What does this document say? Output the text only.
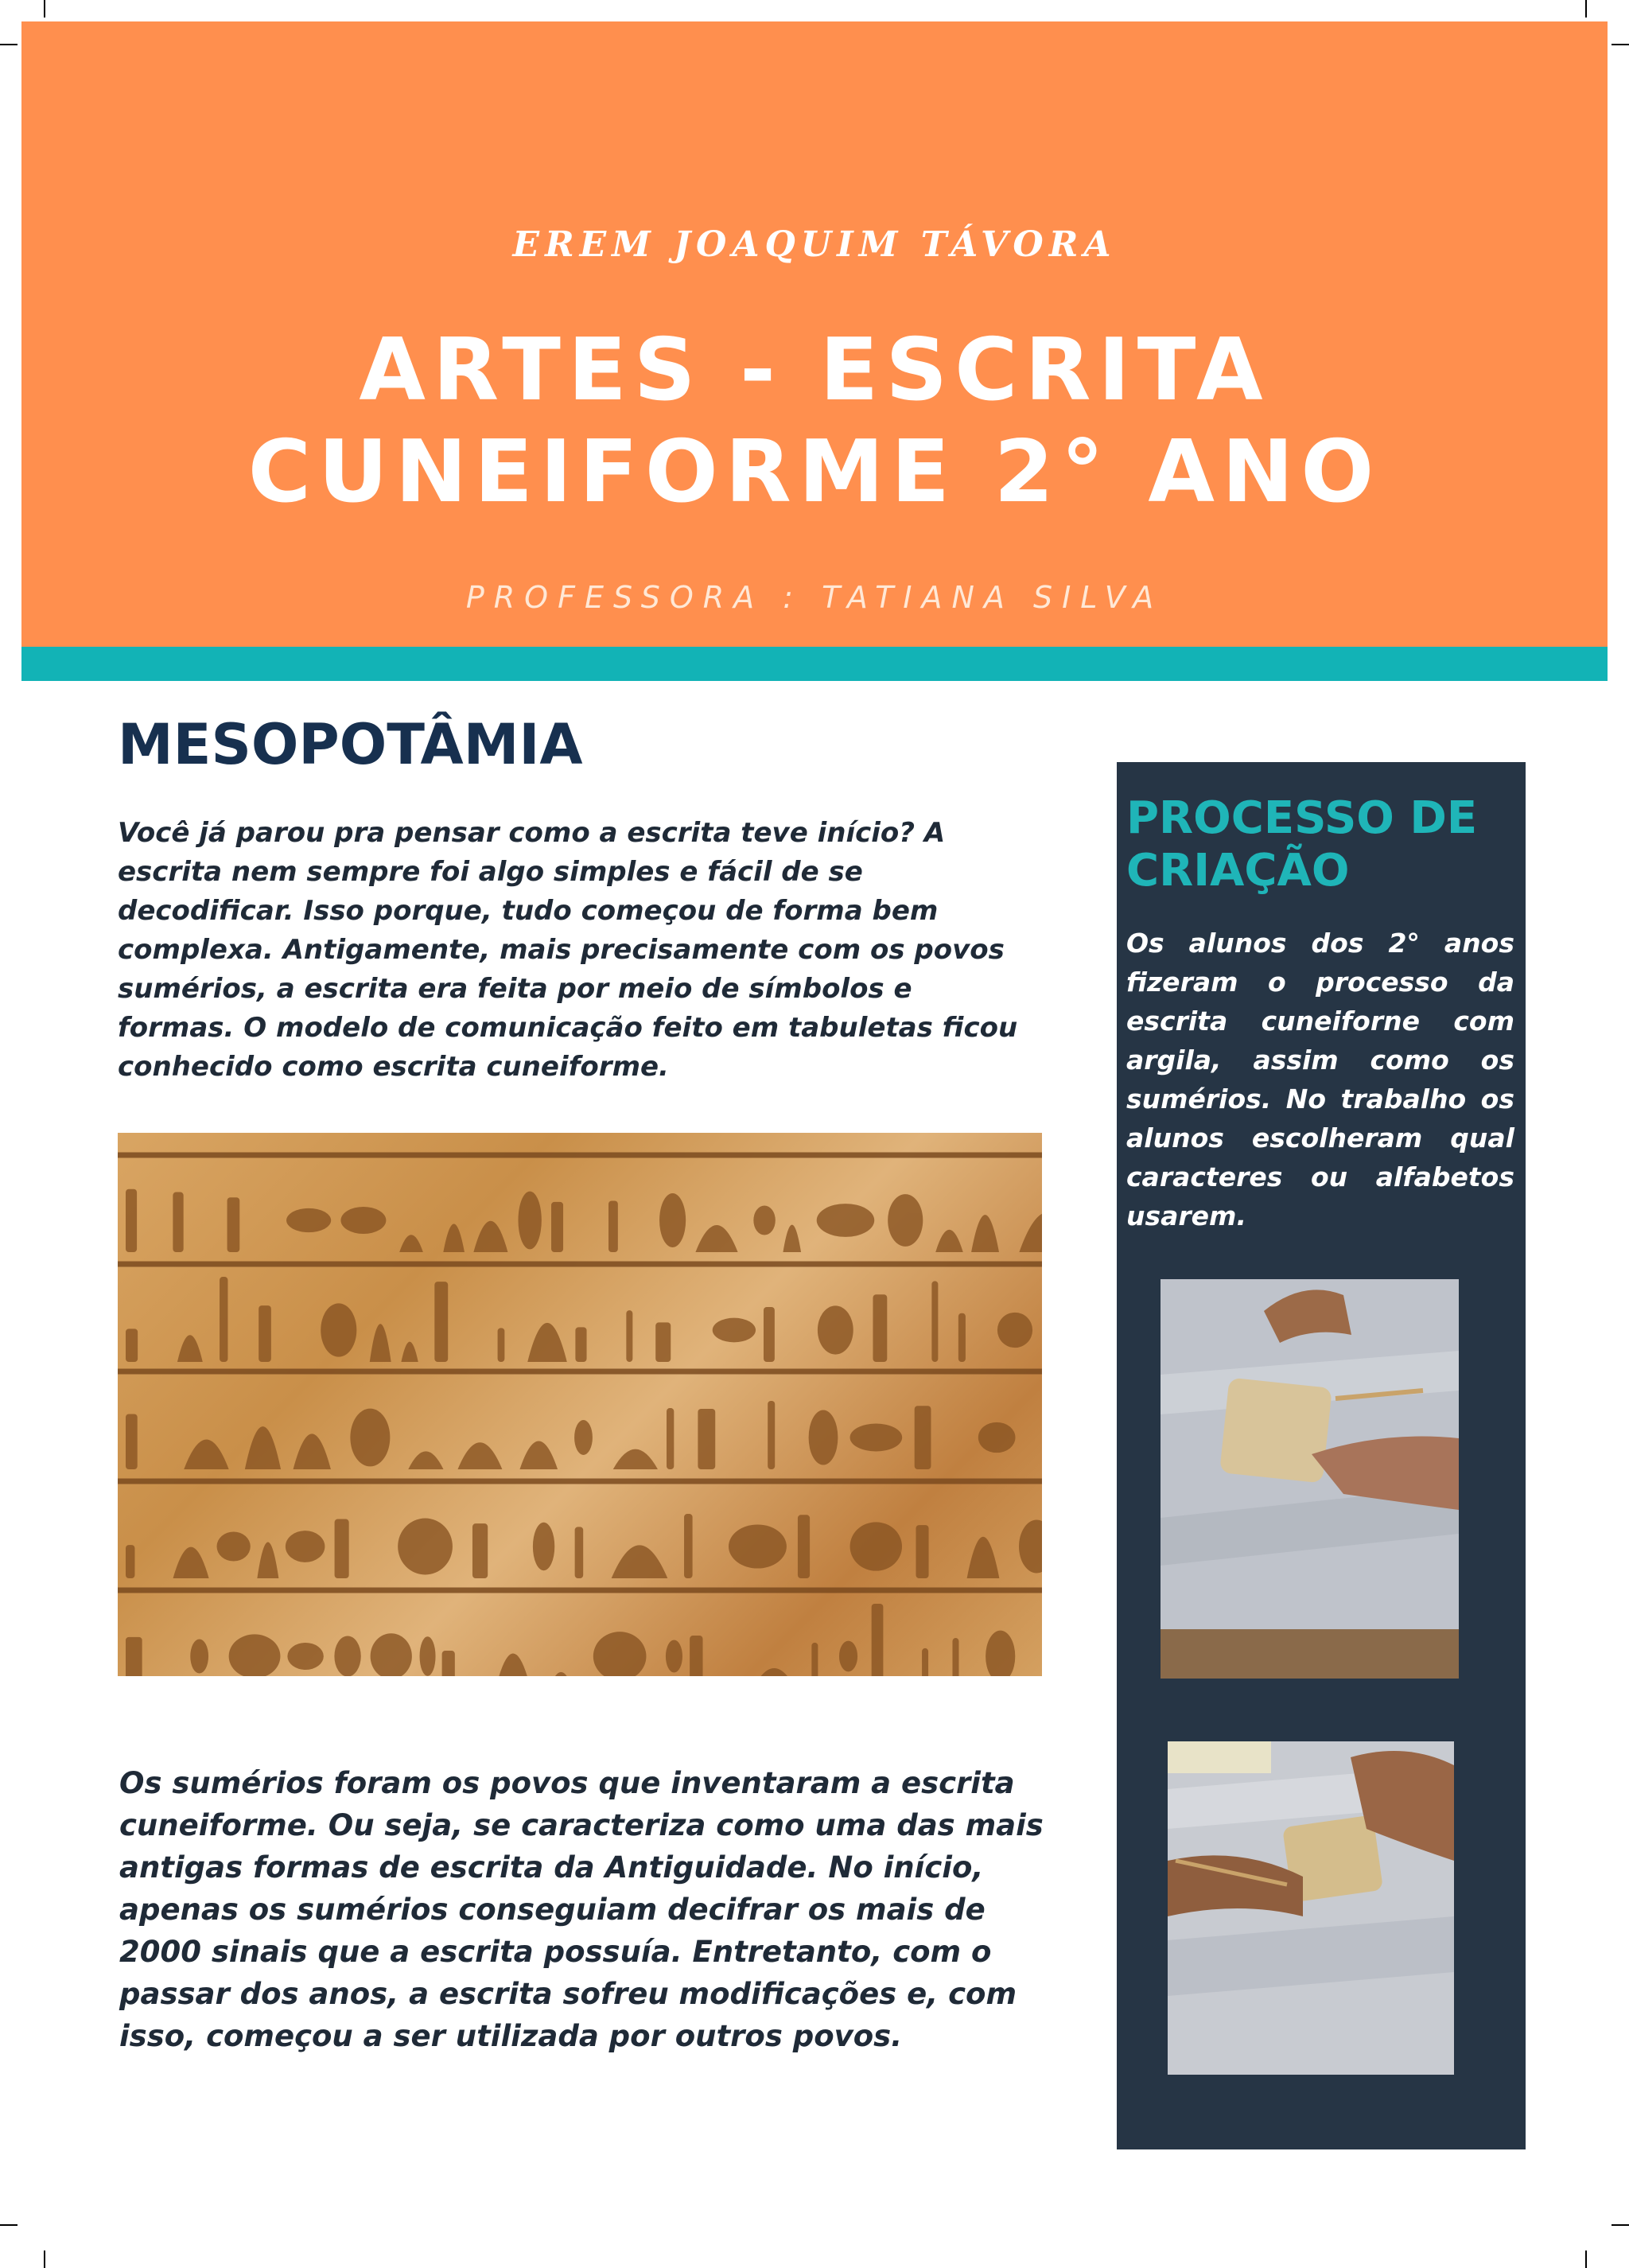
EREM JOAQUIM TÁVORA
ARTES - ESCRITA
CUNEIFORME 2° ANO
PROFESSORA : TATIANA SILVA
MESOPOTÂMIA

Você já parou pra pensar como a escrita teve início? A escrita nem sempre foi algo simples e fácil de se decodificar. Isso porque, tudo começou de forma bem complexa. Antigamente, mais precisamente com os povos sumérios, a escrita era feita por meio de símbolos e formas. O modelo de comunicação feito em tabuletas ficou conhecido como escrita cuneiforme.

Os sumérios foram os povos que inventaram a escrita cuneiforme. Ou seja, se caracteriza como uma das mais antigas formas de escrita da Antiguidade. No início, apenas os sumérios conseguiam decifrar os mais de 2000 sinais que a escrita possuía. Entretanto, com o passar dos anos, a escrita sofreu modificações e, com isso, começou a ser utilizada por outros povos.

PROCESSO DE
CRIAÇÃO

Os alunos dos 2° anos fizeram o processo da escrita cuneiforne com argila, assim como os sumérios. No trabalho os alunos escolheram qual caracteres ou alfabetos usarem.
